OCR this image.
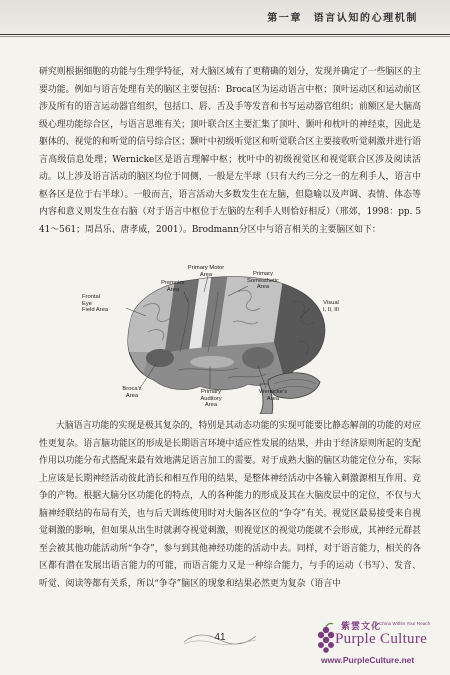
第一章　语言认知的心理机制

研究则根据细胞的功能与生理学特征，对大脑区域有了更精确的划分，发现并确定了一些脑区的主要功能。例如与语言处理有关的脑区主要包括：Broca区为运动语言中枢；顶叶运动区和运动前区涉及所有的语言运动器官组织，包括口、唇、舌及手等发音和书写运动器官组织；前额区是大脑高级心理功能综合区，与语言思维有关；顶叶联合区主要汇集了顶叶、颞叶和枕叶的神经束，因此是躯体的、视觉的和听觉的信号综合区；颞叶中初级听觉区和听觉联合区主要接收听觉刺激并进行语言高级信息处理；Wernicke区是语言理解中枢；枕叶中的初级视觉区和视觉联合区涉及阅读活动。以上涉及语言活动的脑区均位于同侧，一般是左半球（只有大约三分之一的左利手人，语言中枢各区是位于右半球）。一般而言，语言活动大多数发生在左脑，但隐喻以及声调、表情、体态等内容和意义则发生在右脑（对于语言中枢位于左脑的左利手人则恰好相反）（邢郊，1998：pp. 541～561；周昌乐、唐孝威，2001）。Brodmann分区中与语言相关的主要脑区如下：

Primary Motor
Area	Primary
Somesthetic
Area
Premotor
Area
Frontal
Eye
Field Area
Visual
I, II, III
Broca's
Area
Primary
Auditory
Area
Wernicke's
Area

大脑语言功能的实现是极其复杂的，特别是其动态功能的实现可能要比静态解剖的功能的对应性更复杂。语言脑功能区的形成是长期语言环境中适应性发展的结果，并由于经济原则所起的支配作用以功能分布式搭配来最有效地满足语言加工的需要。对于成熟大脑的脑区功能定位分布，实际上应该是长期神经活动彼此消长和相互作用的结果，是整体神经活动中各输入刺激源相互作用、竞争的产物。根据大脑分区功能化的特点，人的各种能力的形成及其在大脑皮层中的定位，不仅与大脑神经联结的布局有关，也与后天训练使用时对大脑各区位的“争夺”有关。视觉区最易接受来自视觉刺激的影响，但如果从出生时就剥夺视觉刺激，则视觉区的视觉功能就不会形成，其神经元群甚至会被其他功能活动所“争夺”，参与到其他神经功能的活动中去。同样，对于语言能力，相关的各区都有潜在发展出语言能力的可能，而语言能力又是一种综合能力，与手的运动（书写）、发音、听觉、阅读等都有关系，所以“争夺”脑区的现象和结果必然更为复杂（语言中

41
紫雲文化
A China Within Your Reach
Purple Culture
www.PurpleCulture.net
